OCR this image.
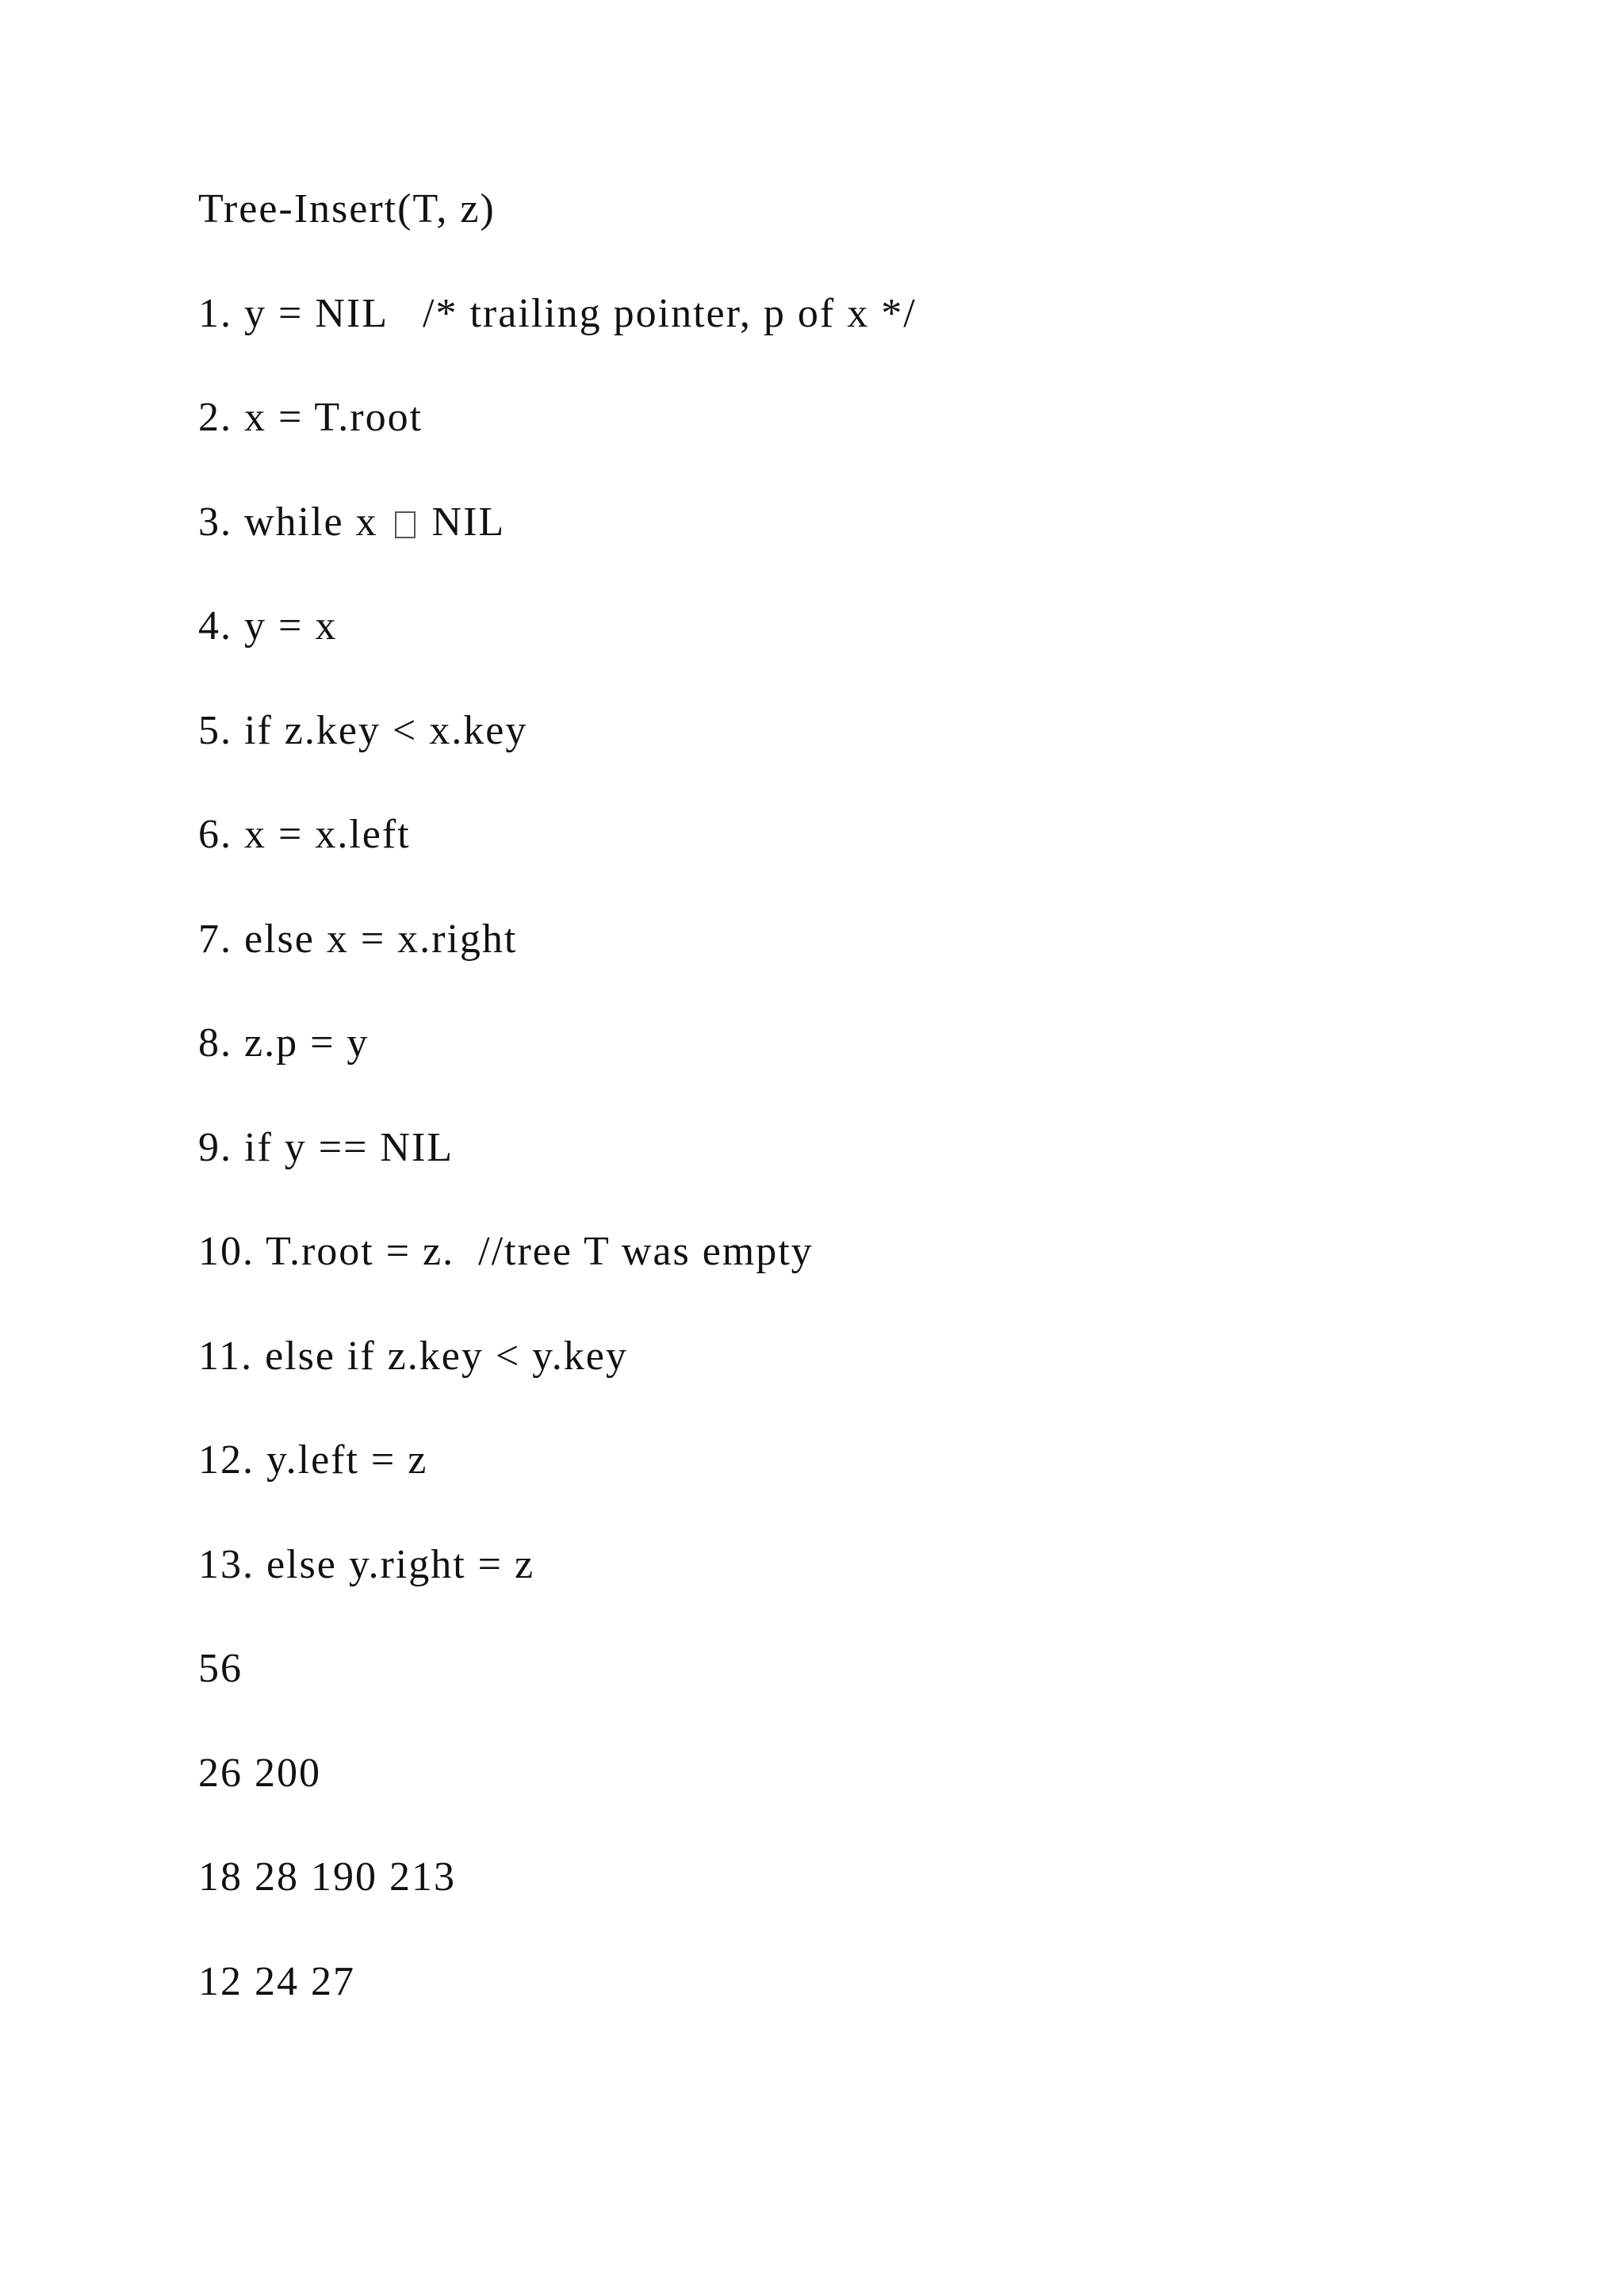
Tree-Insert(T, z)
1. y = NIL   /* trailing pointer, p of x */
2. x = T.root
3. while x  NIL
4. y = x
5. if z.key < x.key
6. x = x.left
7. else x = x.right
8. z.p = y
9. if y == NIL
10. T.root = z.  //tree T was empty
11. else if z.key < y.key
12. y.left = z
13. else y.right = z
56
26 200
18 28 190 213
12 24 27
